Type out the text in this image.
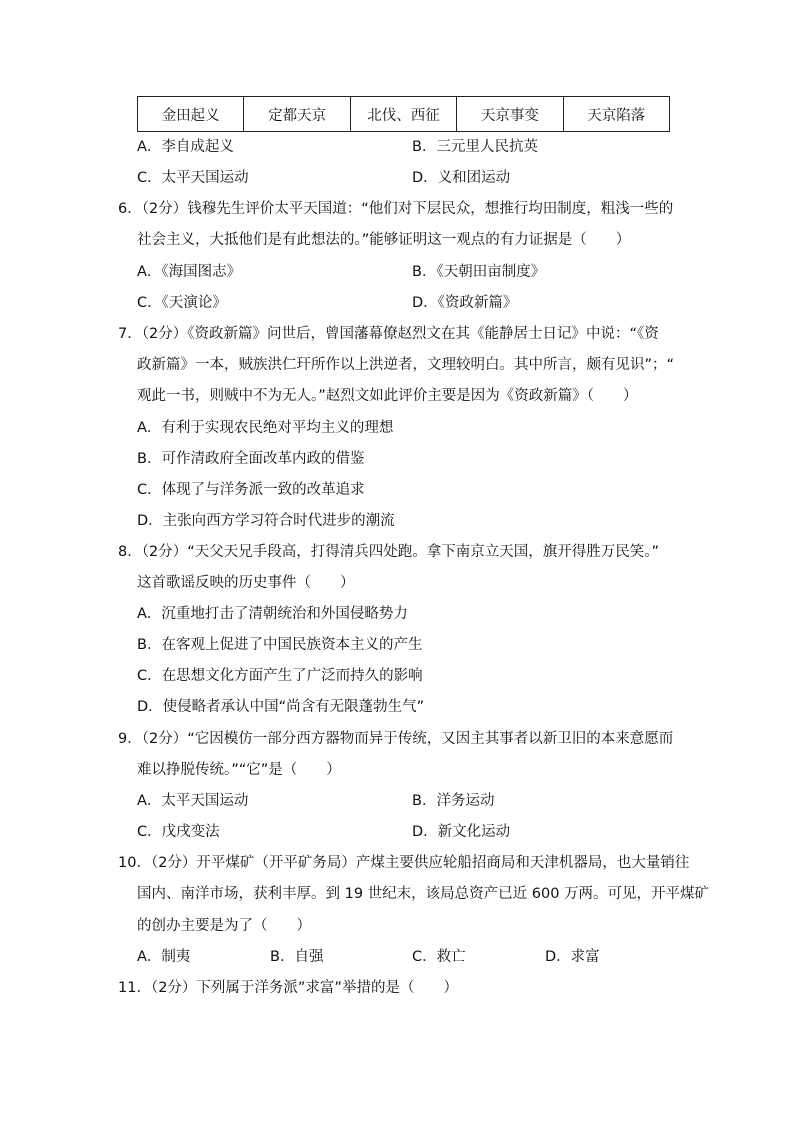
金田起义	定都天京	北伐、西征	天京事变	天京陷落
A．李自成起义	B．三元里人民抗英
C．太平天国运动	D．义和团运动
6．（2分）钱穆先生评价太平天国道：“他们对下层民众，想推行均田制度，粗浅一些的
社会主义，大抵他们是有此想法的。”能够证明这一观点的有力证据是（　　）
A．《海国图志》	B．《天朝田亩制度》
C．《天演论》	D．《资政新篇》
7．（2分）《资政新篇》问世后，曾国藩幕僚赵烈文在其《能静居士日记》中说：“《资
政新篇》一本，贼族洪仁玕所作以上洪逆者，文理较明白。其中所言，颇有见识”；“
观此一书，则贼中不为无人。”赵烈文如此评价主要是因为《资政新篇》（　　）
A．有利于实现农民绝对平均主义的理想
B．可作清政府全面改革内政的借鉴
C．体现了与洋务派一致的改革追求
D．主张向西方学习符合时代进步的潮流
8．（2分）“天父天兄手段高，打得清兵四处跑。拿下南京立天国，旗开得胜万民笑。”
这首歌谣反映的历史事件（　　）
A．沉重地打击了清朝统治和外国侵略势力
B．在客观上促进了中国民族资本主义的产生
C．在思想文化方面产生了广泛而持久的影响
D．使侵略者承认中国“尚含有无限蓬勃生气”
9．（2分）“它因模仿一部分西方器物而异于传统，又因主其事者以新卫旧的本来意愿而
难以挣脱传统。”“它”是（　　）
A．太平天国运动	B．洋务运动
C．戊戌变法	D．新文化运动
10．（2分）开平煤矿（开平矿务局）产煤主要供应轮船招商局和天津机器局，也大量销往
国内、南洋市场，获利丰厚。到 19 世纪末，该局总资产已近 600 万两。可见，开平煤矿
的创办主要是为了（　　）
A．制夷	B．自强	C．救亡	D．求富
11．（2分）下列属于洋务派”求富”举措的是（　　）
